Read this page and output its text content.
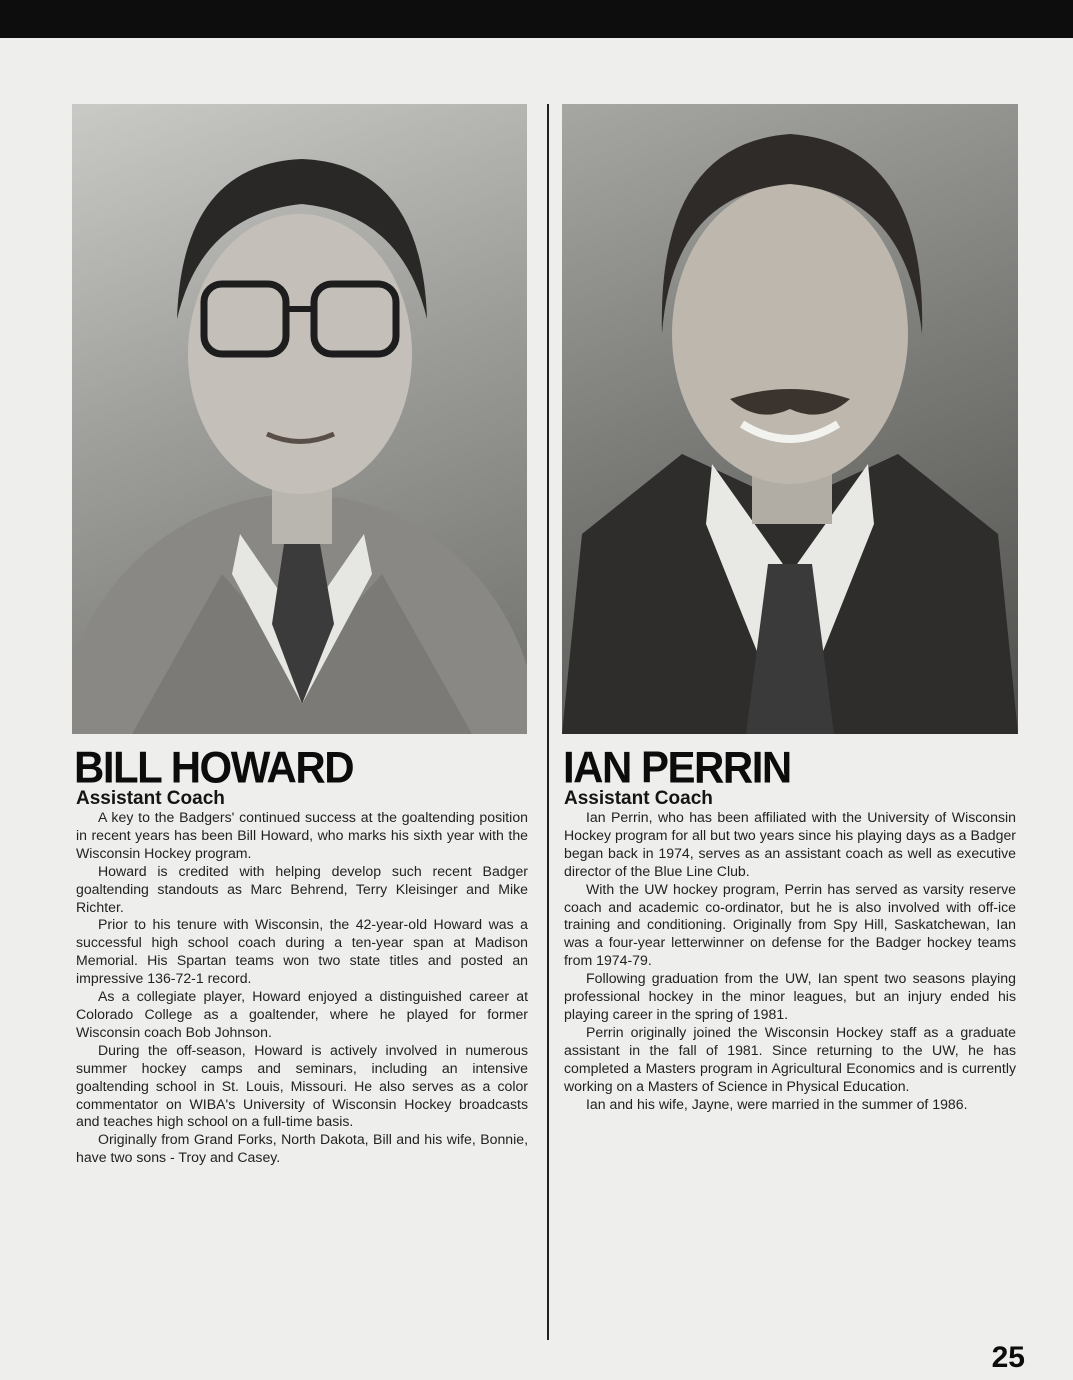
BILL HOWARD
Assistant Coach

A key to the Badgers' continued success at the goaltending position in recent years has been Bill Howard, who marks his sixth year with the Wisconsin Hockey program.

Howard is credited with helping develop such recent Badger goaltending standouts as Marc Behrend, Terry Kleisinger and Mike Richter.

Prior to his tenure with Wisconsin, the 42-year-old Howard was a successful high school coach during a ten-year span at Madison Memorial. His Spartan teams won two state titles and posted an impressive 136-72-1 record.

As a collegiate player, Howard enjoyed a distinguished career at Colorado College as a goaltender, where he played for former Wisconsin coach Bob Johnson.

During the off-season, Howard is actively involved in numerous summer hockey camps and seminars, including an intensive goaltending school in St. Louis, Missouri. He also serves as a color commentator on WIBA's University of Wisconsin Hockey broadcasts and teaches high school on a full-time basis.

Originally from Grand Forks, North Dakota, Bill and his wife, Bonnie, have two sons - Troy and Casey.

IAN PERRIN
Assistant Coach

Ian Perrin, who has been affiliated with the University of Wisconsin Hockey program for all but two years since his playing days as a Badger began back in 1974, serves as an assistant coach as well as executive director of the Blue Line Club.

With the UW hockey program, Perrin has served as varsity reserve coach and academic co-ordinator, but he is also involved with off-ice training and conditioning. Originally from Spy Hill, Saskatchewan, Ian was a four-year letterwinner on defense for the Badger hockey teams from 1974-79.

Following graduation from the UW, Ian spent two seasons playing professional hockey in the minor leagues, but an injury ended his playing career in the spring of 1981.

Perrin originally joined the Wisconsin Hockey staff as a graduate assistant in the fall of 1981. Since returning to the UW, he has completed a Masters program in Agricultural Economics and is currently working on a Masters of Science in Physical Education.

Ian and his wife, Jayne, were married in the summer of 1986.

25
